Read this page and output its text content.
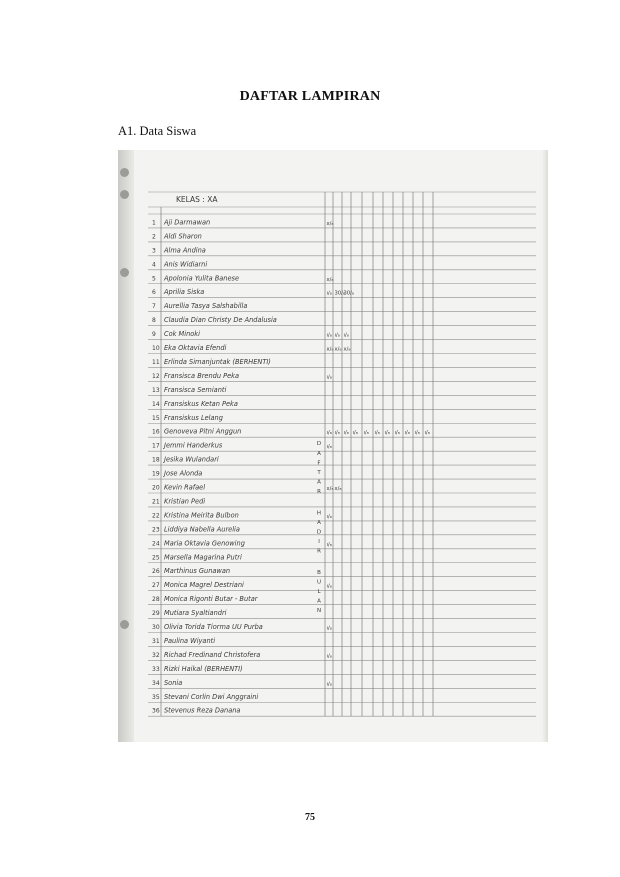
DAFTAR LAMPIRAN
A1. Data Siswa
KELAS : XA
1 Aji Darmawan
2 Aldi Sharon
3 Alma Andina
4 Anis Widiarni
5 Apolonia Yulita Banese
6 Aprilia Siska
7 Aurellia Tasya Salshabilla
8 Claudia Dian Christy De Andalusia
9 Cok Minoki
10 Eka Oktavia Efendi
11 Erlinda Simanjuntak (BERHENTI)
12 Fransisca Brendu Peka
13 Fransisca Semianti
14 Fransiskus Ketan Peka
15 Fransiskus Lelang
16 Genoveva Pitni Anggun
17 Jemmi Handerkus
18 Jesika Wulandari
19 Jose Alonda
20 Kevin Rafael
21 Kristian Pedi
22 Kristina Meirita Bulbon
23 Liddiya Nabella Aurelia
24 Maria Oktavia Genowing
25 Marsella Magarina Putri
26 Marthinus Gunawan
27 Monica Magrel Destriani
28 Monica Rigonti Butar - Butar
29 Mutiara Syaltiandri
30 Olivia Torida Tiorma UU Purba
31 Paulina Wiyanti
32 Richad Fredinand Christofera
33 Rizki Haikal (BERHENTI)
34 Sonia
35 Stevani Corlin Dwi Anggraini
36 Stevenus Reza Danana
x/₈
x/₈
ı/₈ 30/₈
30/₈
ı/₈ ı/₈ ı/₈
x/₈ x/₈ x/₈
ı/₈
ı/₈ ı/₈ ı/₈ ı/₈ ı/₈ ı/₈ ı/₈ ı/₈ ı/₈ ı/₈ ı/₈
ı/₈
x/₈ x/₈
ı/₈
ı/₈
ı/₈
ı/₈
ı/₈
ı/₈
D
A
F
T
A
R
H
A
D
I
R
B
U
L
A
N
75
